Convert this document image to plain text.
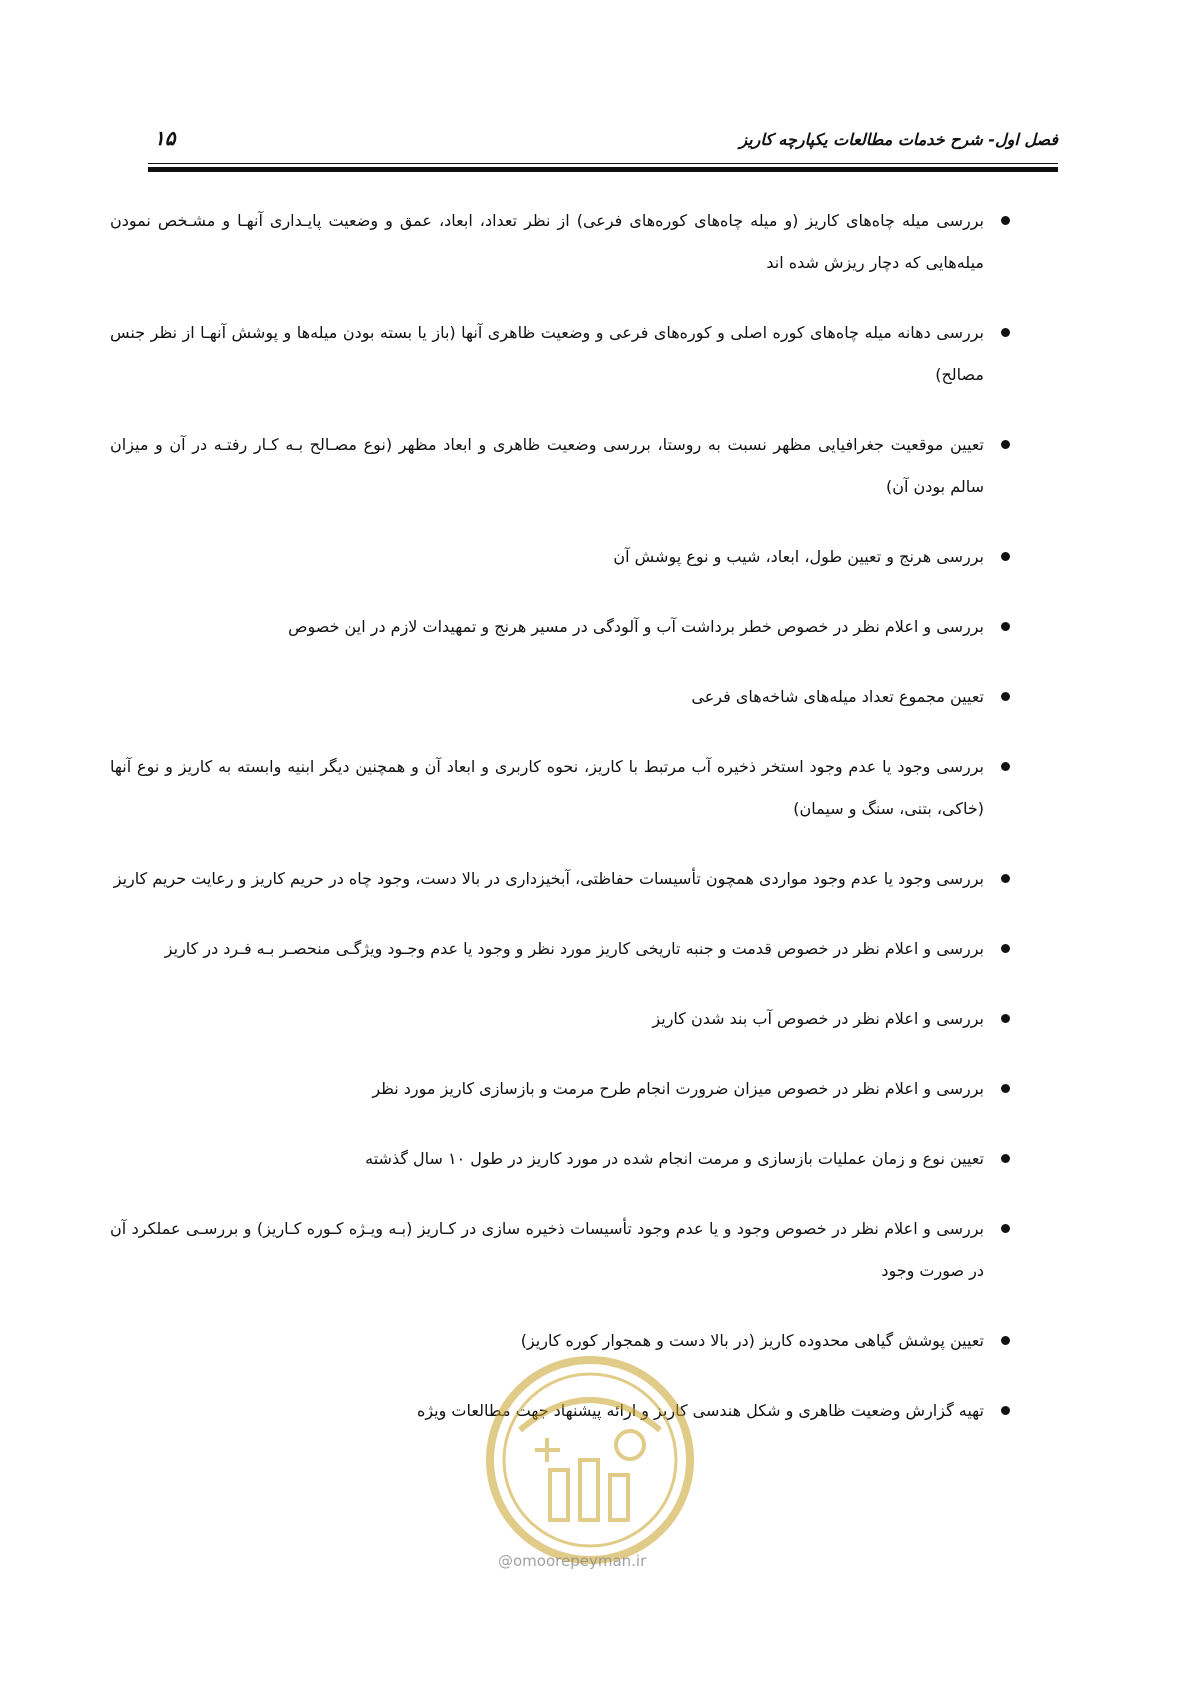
۱۵	فصل اول- شرح خدمات مطالعات یکپارچه کاریز
بررسی میله چاه‌های کاریز (و میله چاه‌های کوره‌های فرعی) از نظر تعداد، ابعاد، عمق و وضعیت پایـداری آنهـا و مشـخص نمودن میله‌هایی که دچار ریزش شده اند
بررسی دهانه میله چاه‌های کوره اصلی و کوره‌های فرعی و وضعیت ظاهری آنها (باز یا بسته بودن میله‌ها و پوشش آنهـا از نظر جنس مصالح)
تعیین موقعیت جغرافیایی مظهر نسبت به روستا، بررسی وضعیت ظاهری و ابعاد مظهر (نوع مصـالح بـه کـار رفتـه در آن و میزان سالم بودن آن)
بررسی هرنج و تعیین طول، ابعاد، شیب و نوع پوشش آن
بررسی و اعلام نظر در خصوص خطر برداشت آب و آلودگی در مسیر هرنج و تمهیدات لازم در این خصوص
تعیین مجموع تعداد میله‌های شاخه‌های فرعی
بررسی وجود یا عدم وجود استخر ذخیره آب مرتبط با کاریز، نحوه کاربری و ابعاد آن و همچنین دیگر ابنیه وابسته به کاریز و نوع آنها (خاکی، بتنی، سنگ و سیمان)
بررسی وجود یا عدم وجود مواردی همچون تأسیسات حفاظتی، آبخیزداری در بالا دست، وجود چاه در حریم کاریز و رعایت حریم کاریز
بررسی و اعلام نظر در خصوص قدمت و جنبه تاریخی کاریز مورد نظر و وجود یا عدم وجـود ویژگـی منحصـر بـه فـرد در کاریز
بررسی و اعلام نظر در خصوص آب بند شدن کاریز
بررسی و اعلام نظر در خصوص میزان ضرورت انجام طرح مرمت و بازسازی کاریز مورد نظر
تعیین نوع و زمان عملیات بازسازی و مرمت انجام شده در مورد کاریز در طول ۱۰ سال گذشته
بررسی و اعلام نظر در خصوص وجود و یا عدم وجود تأسیسات ذخیره سازی در کـاریز (بـه ویـژه کـوره کـاریز) و بررسـی عملکرد آن در صورت وجود
تعیین پوشش گیاهی محدوده کاریز (در بالا دست و همجوار کوره کاریز)
تهیه گزارش وضعیت ظاهری و شکل هندسی کاریز و ارائه پیشنهاد جهت مطالعات ویژه
@omoorepeyman.ir
